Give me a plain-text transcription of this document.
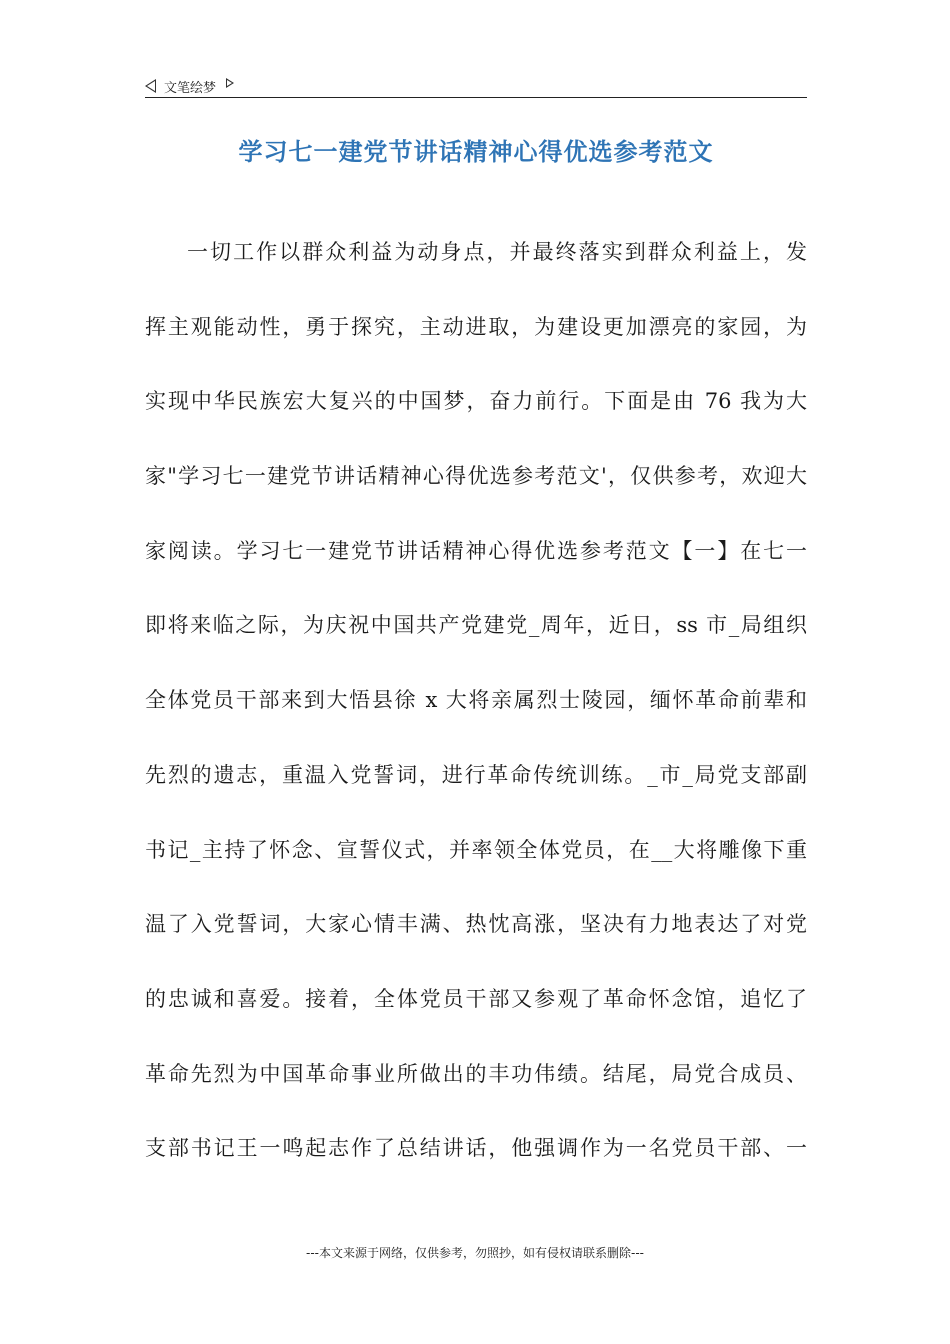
文笔绘梦
学习七一建党节讲话精神心得优选参考范文
一切工作以群众利益为动身点，并最终落实到群众利益上，发
挥主观能动性，勇于探究，主动进取，为建设更加漂亮的家园，为
实现中华民族宏大复兴的中国梦，奋力前行。下面是由 76 我为大
家"学习七一建党节讲话精神心得优选参考范文'，仅供参考，欢迎大
家阅读。学习七一建党节讲话精神心得优选参考范文【一】在七一
即将来临之际，为庆祝中国共产党建党_周年，近日，ss 市_局组织
全体党员干部来到大悟县徐 x 大将亲属烈士陵园，缅怀革命前辈和
先烈的遗志，重温入党誓词，进行革命传统训练。_市_局党支部副
书记_主持了怀念、宣誓仪式，并率领全体党员，在__大将雕像下重
温了入党誓词，大家心情丰满、热忱高涨，坚决有力地表达了对党
的忠诚和喜爱。接着，全体党员干部又参观了革命怀念馆，追忆了
革命先烈为中国革命事业所做出的丰功伟绩。结尾，局党合成员、
支部书记王一鸣起志作了总结讲话，他强调作为一名党员干部、一
---本文来源于网络，仅供参考，勿照抄，如有侵权请联系删除---
